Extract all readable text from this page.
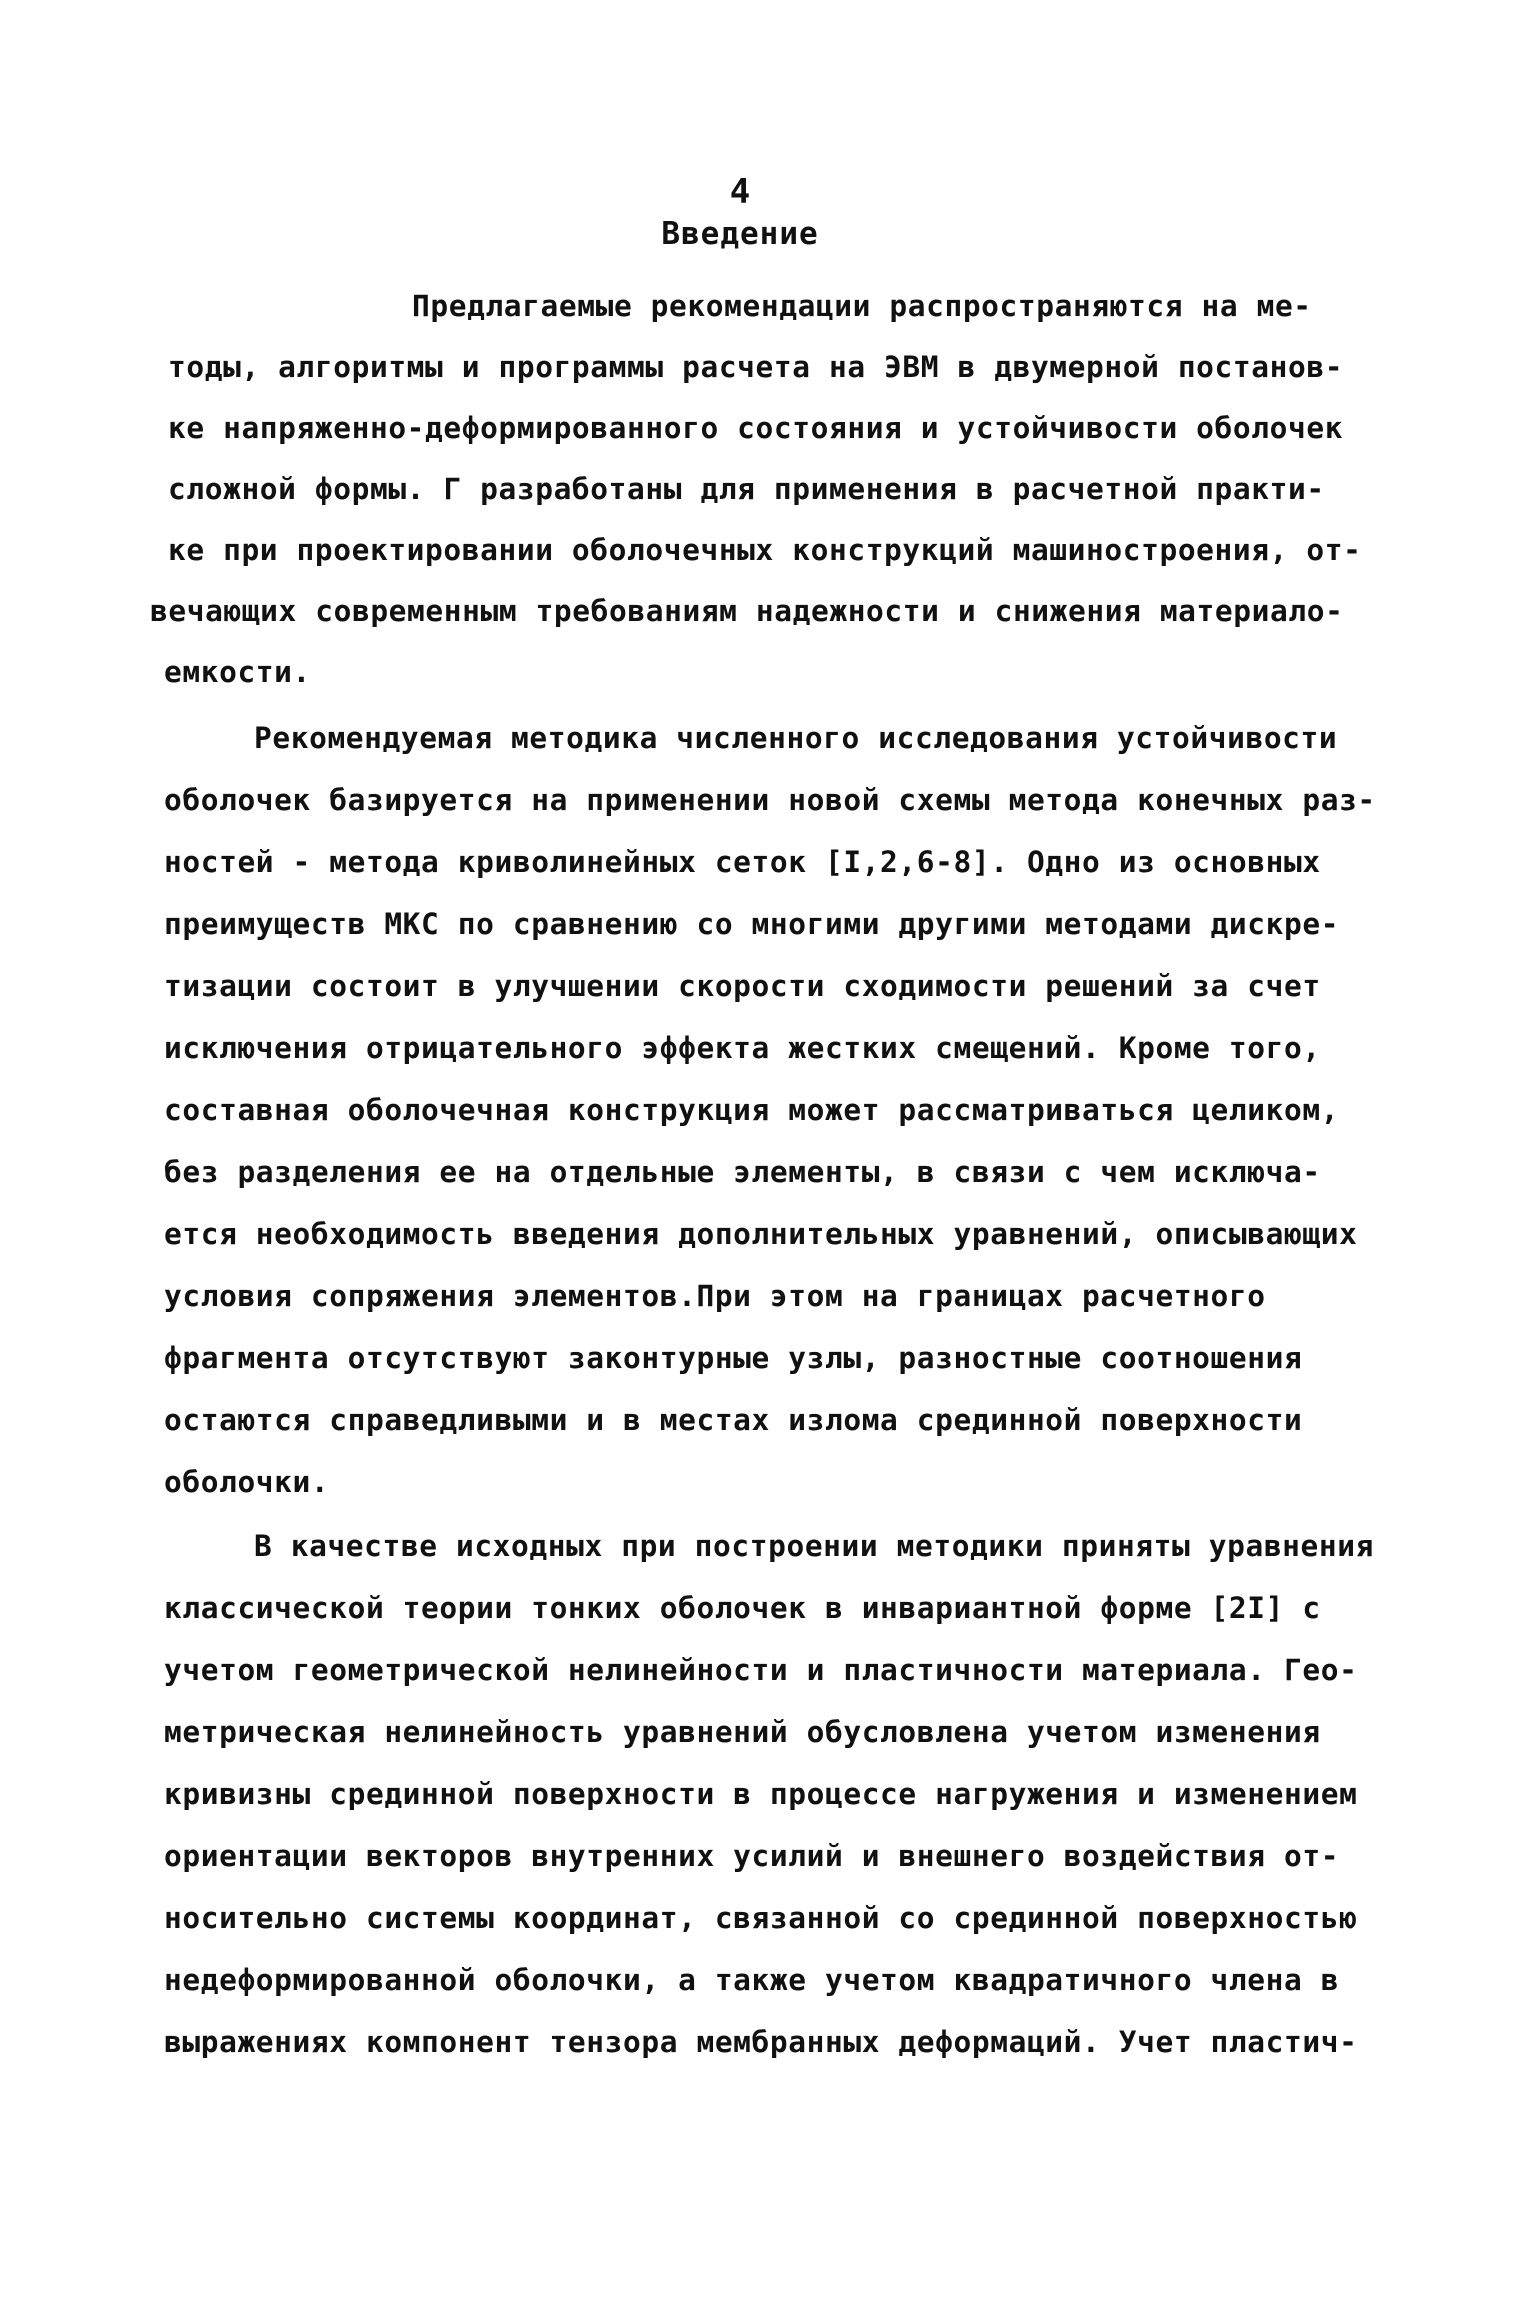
4
Введение
Предлагаемые рекомендации распространяются на ме-
тоды, алгоритмы и программы расчета на ЭВМ в двумерной постанов-
ке напряженно-деформированного состояния и устойчивости оболочек
сложной формы. Г разработаны для применения в расчетной практи-
ке при проектировании оболочечных конструкций машиностроения, от-
вечающих современным требованиям надежности и снижения материало-
емкости.
Рекомендуемая методика численного исследования устойчивости
оболочек базируется на применении новой схемы метода конечных раз-
ностей - метода криволинейных сеток [I,2,6-8]. Одно из основных
преимуществ МКС по сравнению со многими другими методами дискре-
тизации состоит в улучшении скорости сходимости решений за счет
исключения отрицательного эффекта жестких смещений. Кроме того,
составная оболочечная конструкция может рассматриваться целиком,
без разделения ее на отдельные элементы, в связи с чем исключа-
ется необходимость введения дополнительных уравнений, описывающих
условия сопряжения элементов.При этом на границах расчетного
фрагмента отсутствуют законтурные узлы, разностные соотношения
остаются справедливыми и в местах излома срединной поверхности
оболочки.
В качестве исходных при построении методики приняты уравнения
классической теории тонких оболочек в инвариантной форме [2I] с
учетом геометрической нелинейности и пластичности материала. Гео-
метрическая нелинейность уравнений обусловлена учетом изменения
кривизны срединной поверхности в процессе нагружения и изменением
ориентации векторов внутренних усилий и внешнего воздействия от-
носительно системы координат, связанной со срединной поверхностью
недеформированной оболочки, а также учетом квадратичного члена в
выражениях компонент тензора мембранных деформаций. Учет пластич-
